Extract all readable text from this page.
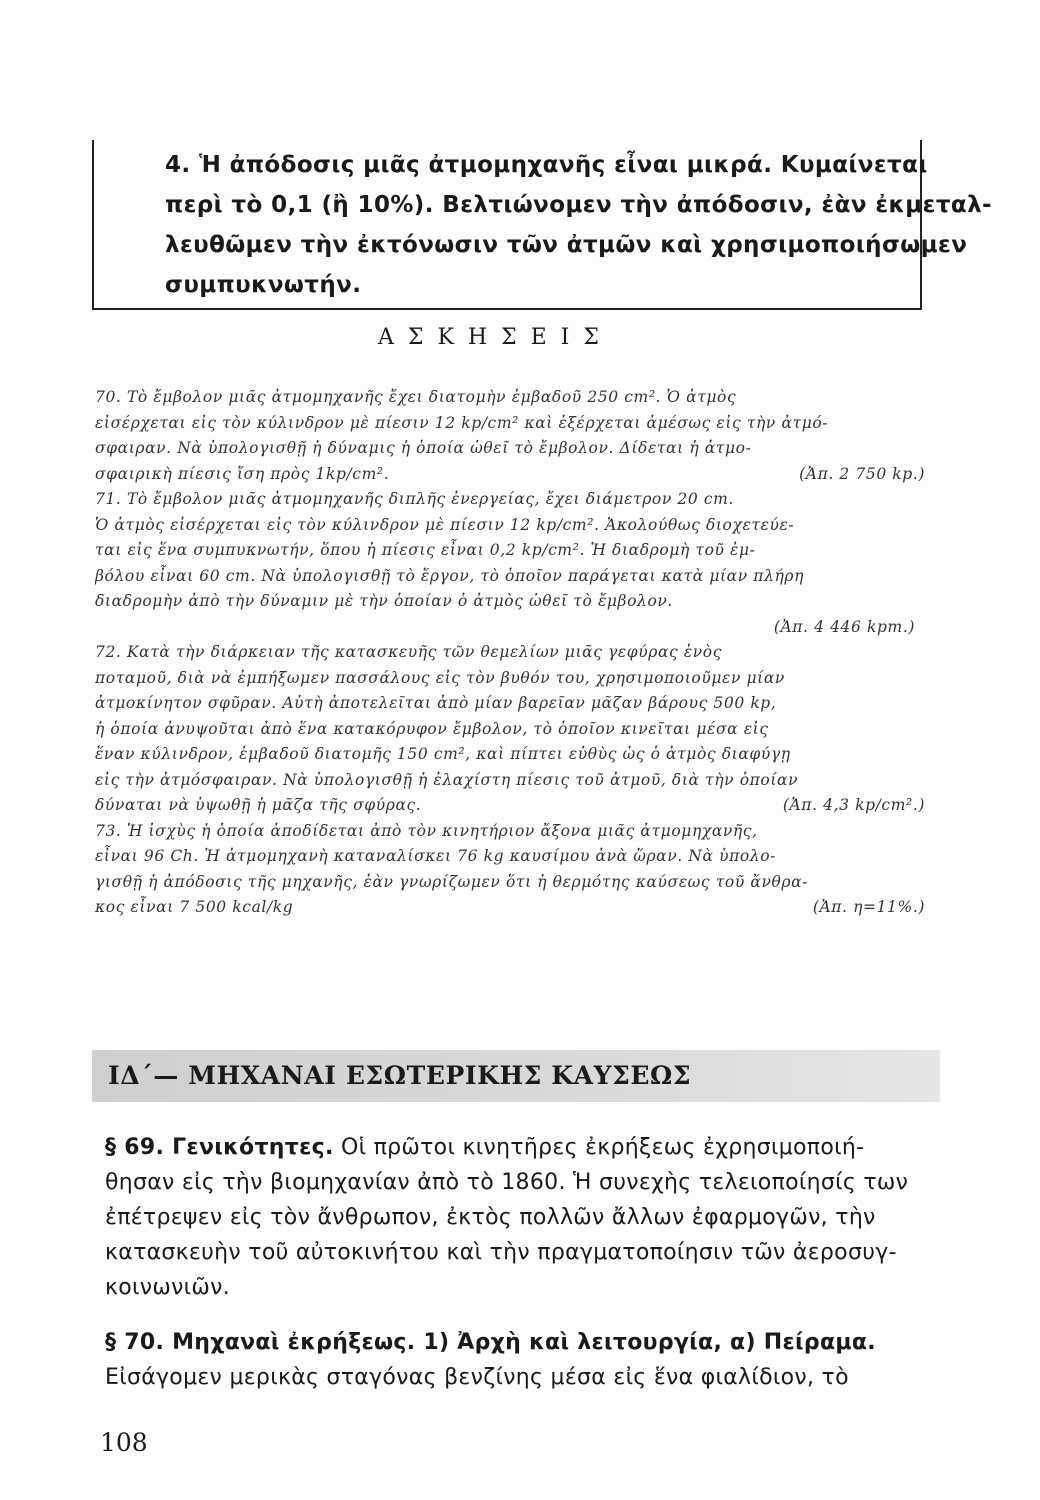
4. Ἡ ἀπόδοσις μιᾶς ἀτμομηχανῆς εἶναι μικρά. Κυμαίνεται
περὶ τὸ 0,1 (ἢ 10%). Βελτιώνομεν τὴν ἀπόδοσιν, ἐὰν ἐκμεταλ-
λευθῶμεν τὴν ἐκτόνωσιν τῶν ἀτμῶν καὶ χρησιμοποιήσωμεν
συμπυκνωτήν.
ΑΣΚΗΣΕΙΣ
70. Τὸ ἔμβολον μιᾶς ἀτμομηχανῆς ἔχει διατομὴν ἐμβαδοῦ 250 cm². Ὁ ἀτμὸς
εἰσέρχεται εἰς τὸν κύλινδρον μὲ πίεσιν 12 kp/cm² καὶ ἐξέρχεται ἀμέσως εἰς τὴν ἀτμό-
σφαιραν. Νὰ ὑπολογισθῇ ἡ δύναμις ἡ ὁποία ὠθεῖ τὸ ἔμβολον. Δίδεται ἡ ἀτμο-
σφαιρικὴ πίεσις ἴση πρὸς 1kp/cm².	(Ἀπ. 2 750 kp.)
71. Τὸ ἔμβολον μιᾶς ἀτμομηχανῆς διπλῆς ἐνεργείας, ἔχει διάμετρον 20 cm.
Ὁ ἀτμὸς εἰσέρχεται εἰς τὸν κύλινδρον μὲ πίεσιν 12 kp/cm². Ἀκολούθως διοχετεύε-
ται εἰς ἕνα συμπυκνωτήν, ὅπου ἡ πίεσις εἶναι 0,2 kp/cm². Ἡ διαδρομὴ τοῦ ἐμ-
βόλου εἶναι 60 cm. Νὰ ὑπολογισθῇ τὸ ἔργον, τὸ ὁποῖον παράγεται κατὰ μίαν πλήρη
διαδρομὴν ἀπὸ τὴν δύναμιν μὲ τὴν ὁποίαν ὁ ἀτμὸς ὠθεῖ τὸ ἔμβολον.
(Ἀπ. 4 446 kpm.)
72. Κατὰ τὴν διάρκειαν τῆς κατασκευῆς τῶν θεμελίων μιᾶς γεφύρας ἑνὸς
ποταμοῦ, διὰ νὰ ἐμπήξωμεν πασσάλους εἰς τὸν βυθόν του, χρησιμοποιοῦμεν μίαν
ἀτμοκίνητον σφῦραν. Αὐτὴ ἀποτελεῖται ἀπὸ μίαν βαρεῖαν μᾶζαν βάρους 500 kp,
ἡ ὁποία ἀνυψοῦται ἀπὸ ἕνα κατακόρυφον ἔμβολον, τὸ ὁποῖον κινεῖται μέσα εἰς
ἕναν κύλινδρον, ἐμβαδοῦ διατομῆς 150 cm², καὶ πίπτει εὐθὺς ὡς ὁ ἀτμὸς διαφύγῃ
εἰς τὴν ἀτμόσφαιραν. Νὰ ὑπολογισθῇ ἡ ἐλαχίστη πίεσις τοῦ ἀτμοῦ, διὰ τὴν ὁποίαν
δύναται νὰ ὑψωθῇ ἡ μᾶζα τῆς σφύρας.	(Ἀπ. 4,3 kp/cm².)
73. Ἡ ἰσχὺς ἡ ὁποία ἀποδίδεται ἀπὸ τὸν κινητήριον ἄξονα μιᾶς ἀτμομηχανῆς,
εἶναι 96 Ch. Ἡ ἀτμομηχανὴ καταναλίσκει 76 kg καυσίμου ἀνὰ ὥραν. Νὰ ὑπολο-
γισθῇ ἡ ἀπόδοσις τῆς μηχανῆς, ἐὰν γνωρίζωμεν ὅτι ἡ θερμότης καύσεως τοῦ ἄνθρα-
κος εἶναι 7 500 kcal/kg	(Ἀπ. η=11%.)
ΙΔ΄— ΜΗΧΑΝΑΙ ΕΣΩΤΕΡΙΚΗΣ ΚΑΥΣΕΩΣ
§ 69. Γενικότητες. Οἱ πρῶτοι κινητῆρες ἐκρήξεως ἐχρησιμοποιή-
θησαν εἰς τὴν βιομηχανίαν ἀπὸ τὸ 1860. Ἡ συνεχὴς τελειοποίησίς των
ἐπέτρεψεν εἰς τὸν ἄνθρωπον, ἐκτὸς πολλῶν ἄλλων ἐφαρμογῶν, τὴν
κατασκευὴν τοῦ αὐτοκινήτου καὶ τὴν πραγματοποίησιν τῶν ἀεροσυγ-
κοινωνιῶν.
§ 70. Μηχαναὶ ἐκρήξεως. 1) Ἀρχὴ καὶ λειτουργία, α) Πείραμα.
Εἰσάγομεν μερικὰς σταγόνας βενζίνης μέσα εἰς ἕνα φιαλίδιον, τὸ
108
